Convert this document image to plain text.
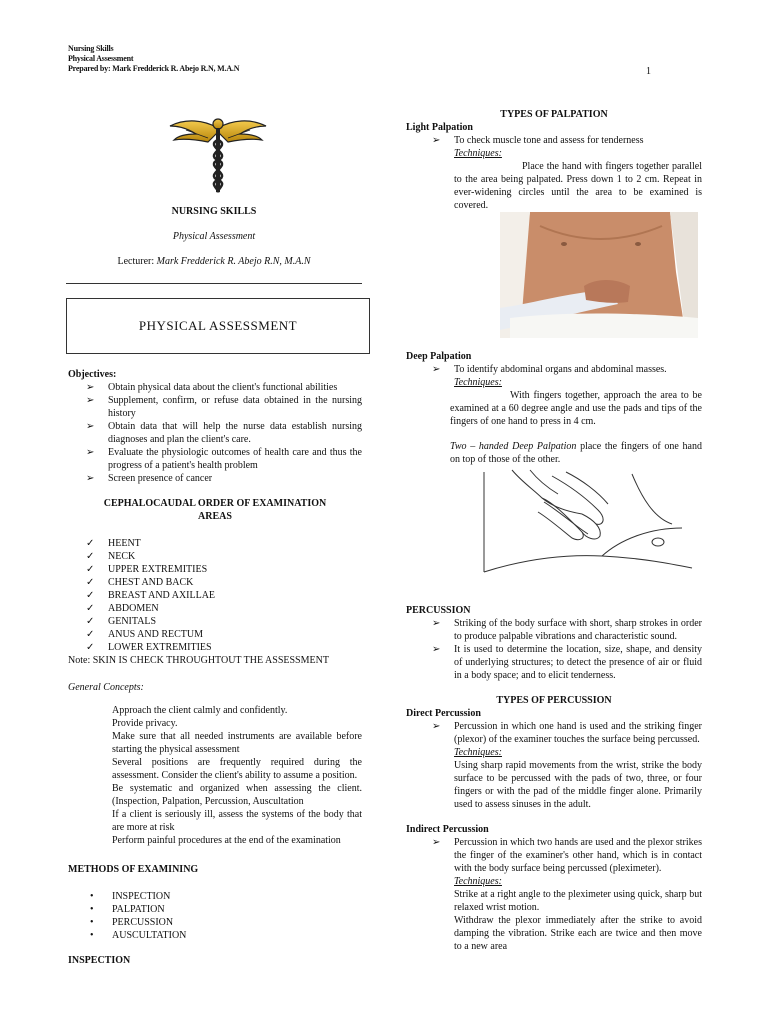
Nursing Skills
Physical Assessment
Prepared by: Mark Fredderick R. Abejo R.N, M.A.N	1
NURSING SKILLS
Physical Assessment
Lecturer: Mark Fredderick R. Abejo R.N, M.A.N
PHYSICAL ASSESSMENT
Objectives:
➢	Obtain physical data about the client's functional abilities
➢	Supplement, confirm, or refuse data obtained in the nursing history
➢	Obtain data that will help the nurse data establish nursing diagnoses and plan the client's care.
➢	Evaluate the physiologic outcomes of health care and thus the progress of a patient's health problem
➢	Screen presence of cancer
CEPHALOCAUDAL ORDER OF EXAMINATION AREAS
✓	HEENT
✓	NECK
✓	UPPER EXTREMITIES
✓	CHEST AND BACK
✓	BREAST AND AXILLAE
✓	ABDOMEN
✓	GENITALS
✓	ANUS AND RECTUM
✓	LOWER EXTREMITIES
Note: SKIN IS CHECK THROUGHTOUT THE ASSESSMENT
General Concepts:
Approach the client calmly and confidently.
Provide privacy.
Make sure that all needed instruments are available before starting the physical assessment
Several positions are frequently required during the assessment. Consider the client's ability to assume a position.
Be systematic and organized when assessing the client. (Inspection, Palpation, Percussion, Auscultation
If a client is seriously ill, assess the systems of the body that are more at risk
Perform painful procedures at the end of the examination
METHODS OF EXAMINING
•	INSPECTION
•	PALPATION
•	PERCUSSION
•	AUSCULTATION
INSPECTION
TYPES OF PALPATION
Light Palpation
➢	To check muscle tone and assess for tenderness
Techniques:
Place the hand with fingers together parallel to the area being palpated. Press down 1 to 2 cm. Repeat in ever-widening circles until the area to be examined is covered.
Deep Palpation
➢	To identify abdominal organs and abdominal masses.
Techniques:
With fingers together, approach the area to be examined at a 60 degree angle and use the pads and tips of the fingers of one hand to press in 4 cm.
Two – handed Deep Palpation place the fingers of one hand on top of those of the other.
PERCUSSION
➢	Striking of the body surface with short, sharp strokes in order to produce palpable vibrations and characteristic sound.
➢	It is used to determine the location, size, shape, and density of underlying structures; to detect the presence of air or fluid in a body space; and to elicit tenderness.
TYPES OF PERCUSSION
Direct Percussion
➢	Percussion in which one hand is used and the striking finger (plexor) of the examiner touches the surface being percussed.
Techniques:
Using sharp rapid movements from the wrist, strike the body surface to be percussed with the pads of two, three, or four fingers or with the pad of the middle finger alone. Primarily used to assess sinuses in the adult.
Indirect Percussion
➢	Percussion in which two hands are used and the plexor strikes the finger of the examiner's other hand, which is in contact with the body surface being percussed (pleximeter).
Techniques:
Strike at a right angle to the pleximeter using quick, sharp but relaxed wrist motion.
Withdraw the plexor immediately after the strike to avoid damping the vibration. Strike each are twice and then move to a new area
